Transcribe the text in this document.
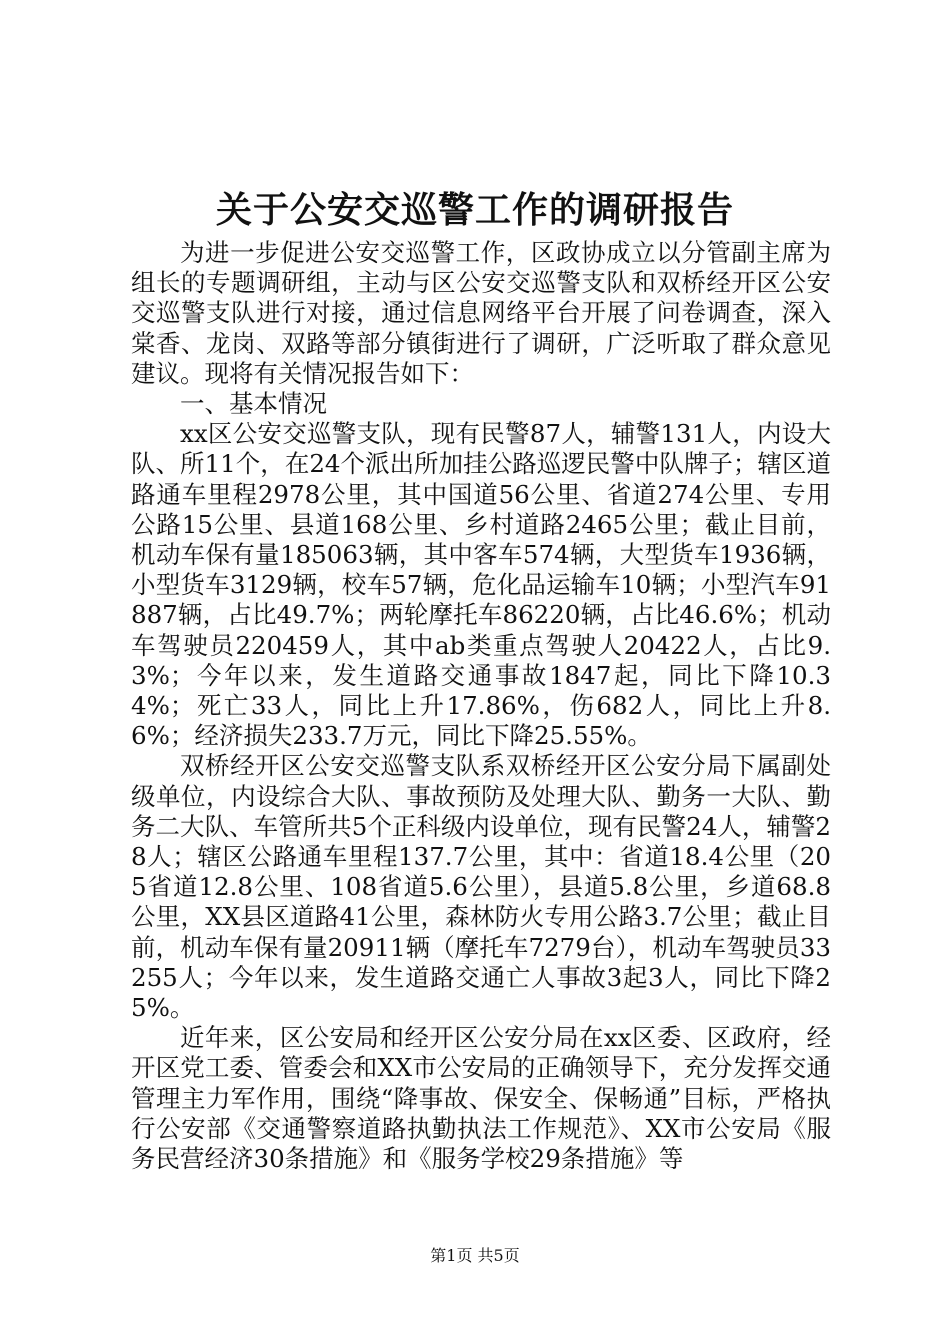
关于公安交巡警工作的调研报告

为进一步促进公安交巡警工作，区政协成立以分管副主席为组长的专题调研组，主动与区公安交巡警支队和双桥经开区公安交巡警支队进行对接，通过信息网络平台开展了问卷调查，深入棠香、龙岗、双路等部分镇街进行了调研，广泛听取了群众意见建议。现将有关情况报告如下：

一、基本情况

xx区公安交巡警支队，现有民警87人，辅警131人，内设大队、所11个，在24个派出所加挂公路巡逻民警中队牌子；辖区道路通车里程2978公里，其中国道56公里、省道274公里、专用公路15公里、县道168公里、乡村道路2465公里；截止目前，机动车保有量185063辆，其中客车574辆，大型货车1936辆，小型货车3129辆，校车57辆，危化品运输车10辆；小型汽车91887辆，占比49.7%；两轮摩托车86220辆，占比46.6%；机动车驾驶员220459人，其中ab类重点驾驶人20422人，占比9.3%；今年以来，发生道路交通事故1847起，同比下降10.34%；死亡33人，同比上升17.86%，伤682人，同比上升8.6%；经济损失233.7万元，同比下降25.55%。

双桥经开区公安交巡警支队系双桥经开区公安分局下属副处级单位，内设综合大队、事故预防及处理大队、勤务一大队、勤务二大队、车管所共5个正科级内设单位，现有民警24人，辅警28人；辖区公路通车里程137.7公里，其中：省道18.4公里（205省道12.8公里、108省道5.6公里），县道5.8公里，乡道68.8公里，XX县区道路41公里，森林防火专用公路3.7公里；截止目前，机动车保有量20911辆（摩托车7279台），机动车驾驶员33255人；今年以来，发生道路交通亡人事故3起3人，同比下降25%。

近年来，区公安局和经开区公安分局在xx区委、区政府，经开区党工委、管委会和XX市公安局的正确领导下，充分发挥交通管理主力军作用，围绕“降事故、保安全、保畅通”目标，严格执行公安部《交通警察道路执勤执法工作规范》、XX市公安局《服务民营经济30条措施》和《服务学校29条措施》等

第1页 共5页
